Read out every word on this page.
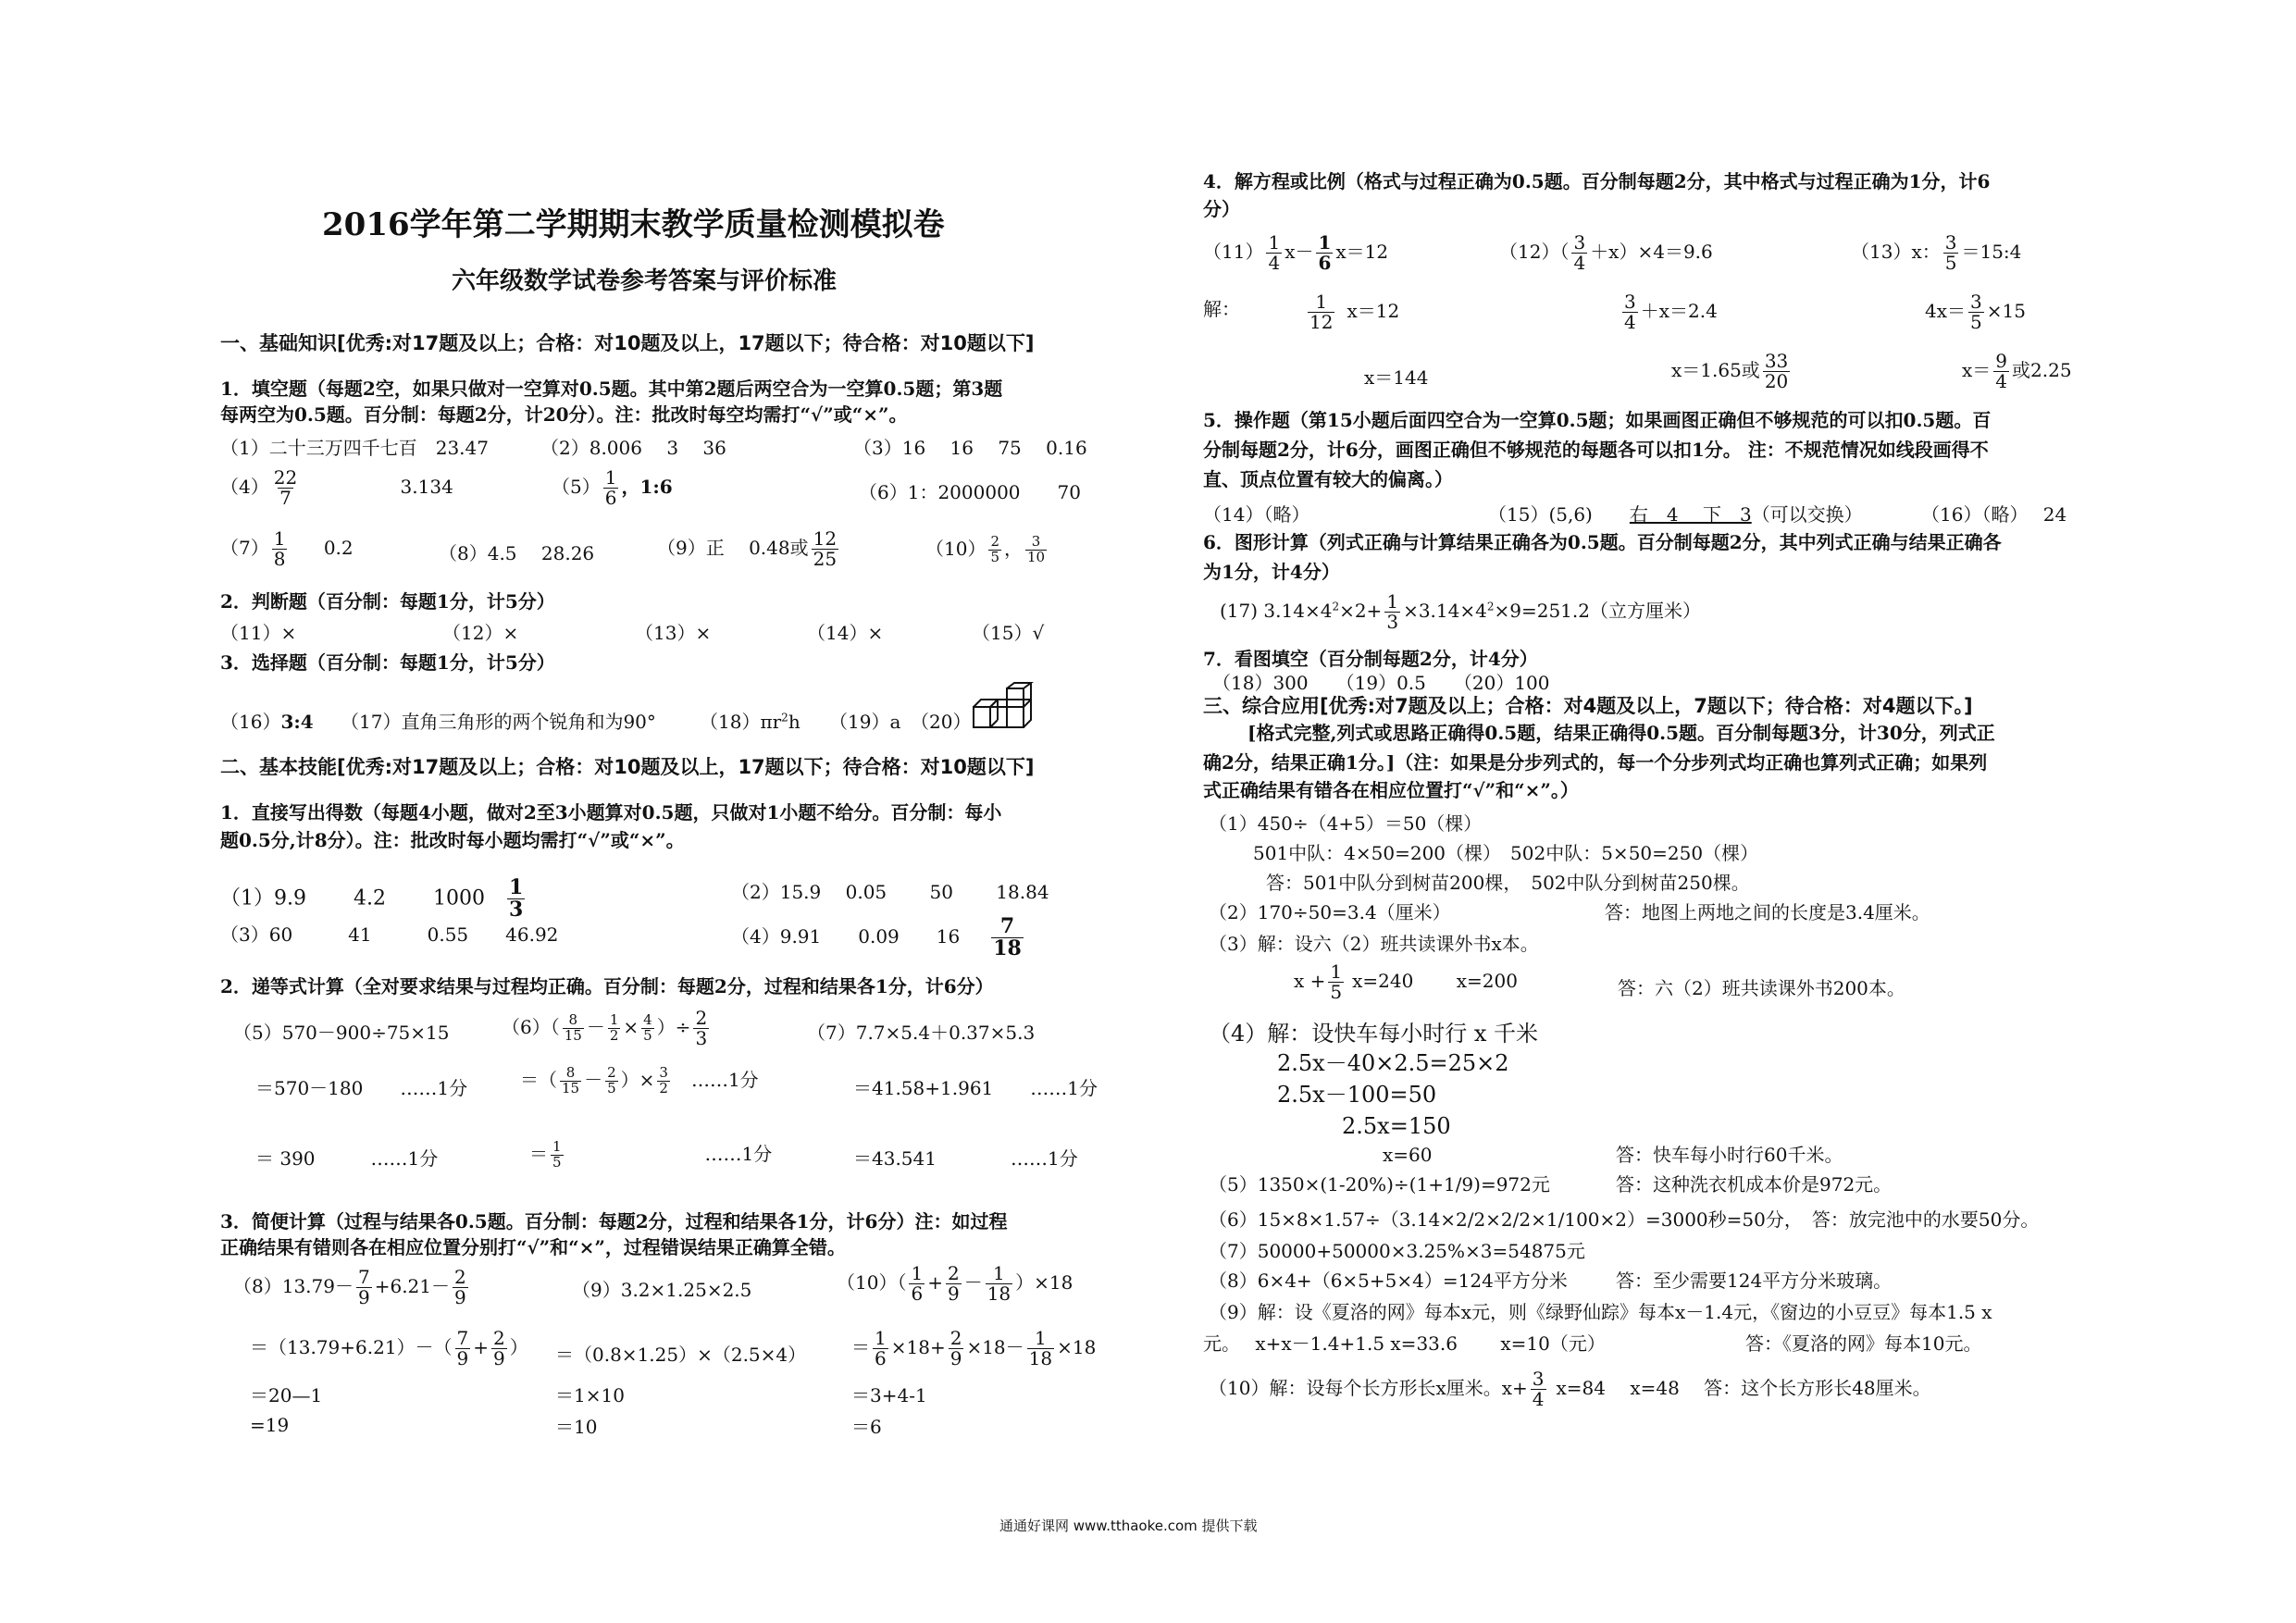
2016学年第二学期期末教学质量检测模拟卷
六年级数学试卷参考答案与评价标准
一、基础知识[优秀:对17题及以上；合格：对10题及以上，17题以下；待合格：对10题以下]
1．填空题（每题2空，如果只做对一空算对0.5题。其中第2题后两空合为一空算0.5题；第3题
每两空为0.5题。百分制：每题2分，计20分）。注：批改时每空均需打“√”或“×”。
（1）二十三万四千七百　23.47	（2）8.006　 3　 36	（3）16　 16　 75　 0.16
$(4) \frac{22}{7}$	3.134	$(5) \frac{1}{6}$ ，1:6	（6）1：2000000　　70
$(7) \frac{1}{8} 0.2$	（8）4.5　 28.26	（9）正　 0.48或 $\frac{12}{25}$	$(10) \frac{2}{5}$ ， $\frac{3}{10}$
2．判断题（百分制：每题1分，计5分）
（11）×	（12）×	（13）×	（14）×	（15）√
3．选择题（百分制：每题1分，计5分）
（16）3:4 （17）直角三角形的两个锐角和为90° $(18)\pi r^2h$ （19）a （20）
二、基本技能[优秀:对17题及以上；合格：对10题及以上，17题以下；待合格：对10题以下]
1．直接写出得数（每题4小题，做对2至3小题算对0.5题，只做对1小题不给分。百分制：每小
题0.5分,计8分）。注：批改时每小题均需打“√”或“×”。
（1）9.9　　 4.2　　 $1000 \frac{1}{3}$	（2）15.9　 0.05　　 50　　 18.84
（3）60　　　41　　　0.55　　46.92	（4）9.91　　0.09　　$16 \frac{7}{18}$
2．递等式计算（全对要求结果与过程均正确。百分制：每题2分，过程和结果各1分，计6分）
（5）570－900÷75×15
＝570－180　　……1分
＝ 390　　　……1分
$(6)( \frac{8}{15} - \frac{1}{2} \times \frac{4}{5}$ ）÷ $\frac{2}{3}$
＝（ $\frac{8}{15} - \frac{2}{5}$ ）× $\frac{3}{2}$ 　……1分
＝ $\frac{1}{5}$	……1分
（7）7.7×5.4＋0.37×5.3
＝41.58+1.961　　……1分
＝43.541　　　　……1分
3．简便计算（过程与结果各0.5题。百分制：每题2分，过程和结果各1分，计6分）注：如过程
正确结果有错则各在相应位置分别打“√”和“×”，过程错误结果正确算全错。
$(8)13.79- \frac{7}{9} +6.21- \frac{2}{9}$
$=(13.79+6.21)-( \frac{7}{9} + \frac{2}{9}$ ）
＝20—1
=19
（9）3.2×1.25×2.5
＝（0.8×1.25）×（2.5×4）
＝1×10
＝10
$(10)( \frac{1}{6} + \frac{2}{9} - \frac{1}{18} )\times 18$
＝ $\frac{1}{6} \times 18+ \frac{2}{9} \times 18- \frac{1}{18} \times 18$
＝3+4-1
＝6
4．解方程或比例（格式与过程正确为0.5题。百分制每题2分，其中格式与过程正确为1分，计6
分）
$(11) \frac{1}{4} x- \frac{1}{6} x=12$	$(12)( \frac{3}{4} +x)\times 4=9.6$	（13）x： $\frac{3}{5}$ ＝15:4
解：	$\frac{1}{12} x=12$	$\frac{3}{4} +x=2.4$	$4x= \frac{3}{5} \times 15$
x＝144	x＝1.65或 $\frac{33}{20}$	$x= \frac{9}{4}$ 或2.25
5．操作题（第15小题后面四空合为一空算0.5题；如果画图正确但不够规范的可以扣0.5题。百
分制每题2分，计6分，画图正确但不够规范的每题各可以扣1分。 注：不规范情况如线段画得不
直、顶点位置有较大的偏离。）
（14）（略）	（15）(5,6) 右　4　 下　3（可以交换）	（16）（略）　 24
6．图形计算（列式正确与计算结果正确各为0.5题。百分制每题2分，其中列式正确与结果正确各
为1分，计4分）
(17) $3.14\times 4^2\times 2+ \frac{1}{3} \times 3.14\times 4^2\times 9=251.2$（立方厘米）
7．看图填空（百分制每题2分，计4分）
（18）300　　（19）0.5　　（20）100
三、综合应用[优秀:对7题及以上；合格：对4题及以上，7题以下；待合格：对4题以下。]
[格式完整,列式或思路正确得0.5题，结果正确得0.5题。百分制每题3分，计30分，列式正
确2分，结果正确1分。]（注：如果是分步列式的，每一个分步列式均正确也算列式正确；如果列
式正确结果有错各在相应位置打“√”和“×”。）
（1）450÷（4+5）＝50（棵）
501中队：4×50=200（棵）　502中队：5×50=250（棵）
答：501中队分到树苗200棵，　502中队分到树苗250棵。
（2）170÷50=3.4（厘米）	答：地图上两地之间的长度是3.4厘米。
（3）解：设六（2）班共读课外书x本。
$x + \frac{1}{5} x=240$　　 x=200	答：六（2）班共读课外书200本。
（4）解：设快车每小时行 x 千米
2.5x－40×2.5=25×2
2.5x－100=50
2.5x=150
x=60	答：快车每小时行60千米。
（5）1350×(1-20%)÷(1+1/9)=972元	答：这种洗衣机成本价是972元。
（6）15×8×1.57÷（3.14×2/2×2/2×1/100×2）=3000秒=50分，　答：放完池中的水要50分。
（7）50000+50000×3.25%×3=54875元
（8）6×4+（6×5+5×4）=124平方分米	答：至少需要124平方分米玻璃。
（9）解：设《夏洛的网》每本x元，则《绿野仙踪》每本x－1.4元，《窗边的小豆豆》每本1.5 x
元。　 x+x－1.4+1.5 x=33.6　　 x=10（元）	答：《夏洛的网》每本10元。
（10）解：设每个长方形长x厘米。$x+ \frac{3}{4} x=84$　 x=48　 答：这个长方形长48厘米。
通通好课网 www.tthaoke.com 提供下载
